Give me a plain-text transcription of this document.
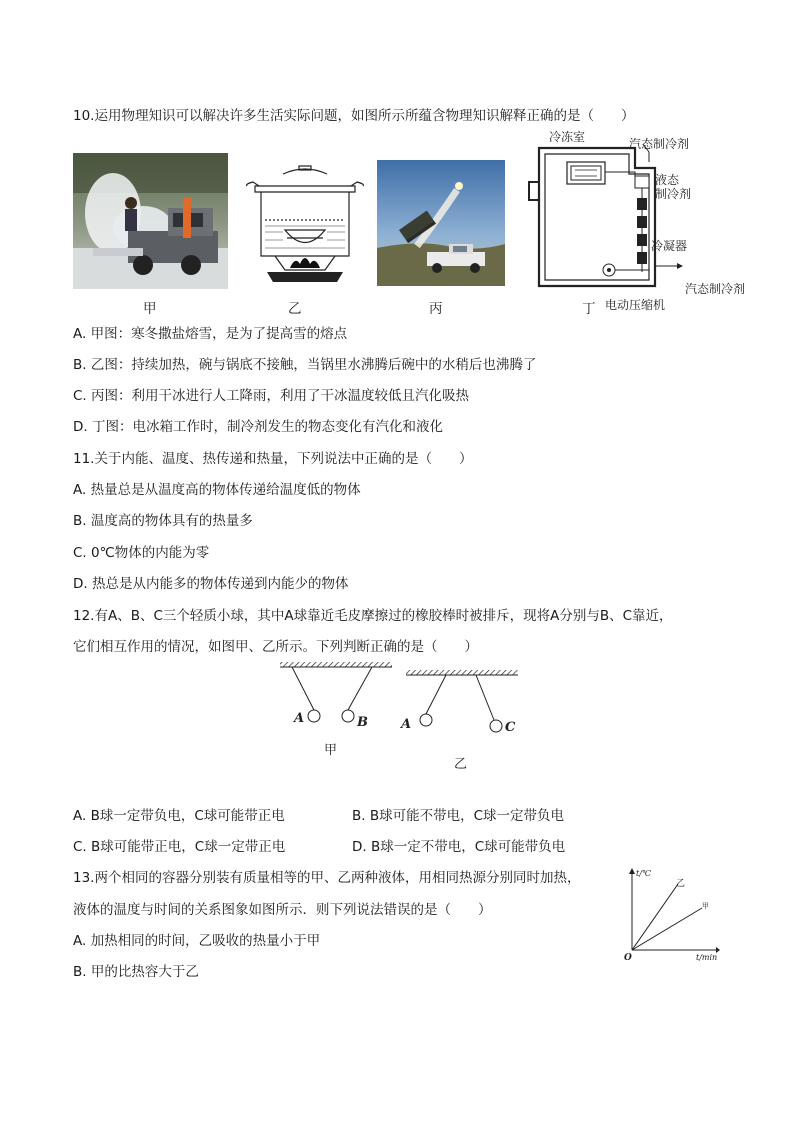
10.运用物理知识可以解决许多生活实际问题，如图所示所蕴含物理知识解释正确的是（　　）
甲	乙	丙
冷冻室	汽态制冷剂
液态
制冷剂
冷凝器
汽态制冷剂
电动压缩机
丁
A. 甲图：寒冬撒盐熔雪，是为了提高雪的熔点
B. 乙图：持续加热，碗与锅底不接触，当锅里水沸腾后碗中的水稍后也沸腾了
C. 丙图：利用干冰进行人工降雨，利用了干冰温度较低且汽化吸热
D. 丁图：电冰箱工作时，制冷剂发生的物态变化有汽化和液化
11.关于内能、温度、热传递和热量，下列说法中正确的是（　　）
A. 热量总是从温度高的物体传递给温度低的物体
B. 温度高的物体具有的热量多
C. 0℃物体的内能为零
D. 热总是从内能多的物体传递到内能少的物体
12.有A、B、C三个轻质小球，其中A球靠近毛皮摩擦过的橡胶棒时被排斥，现将A分别与B、C靠近，
它们相互作用的情况，如图甲、乙所示。下列判断正确的是（　　）
A	B	A	C
甲
乙
A. B球一定带负电，C球可能带正电	B. B球可能不带电，C球一定带负电
C. B球可能带正电，C球一定带正电	D. B球一定不带电，C球可能带负电
13.两个相同的容器分别装有质量相等的甲、乙两种液体，用相同热源分别同时加热，
液体的温度与时间的关系图象如图所示．则下列说法错误的是（　　）
A. 加热相同的时间，乙吸收的热量小于甲
B. 甲的比热容大于乙
t/℃
t/min
O
乙
甲
